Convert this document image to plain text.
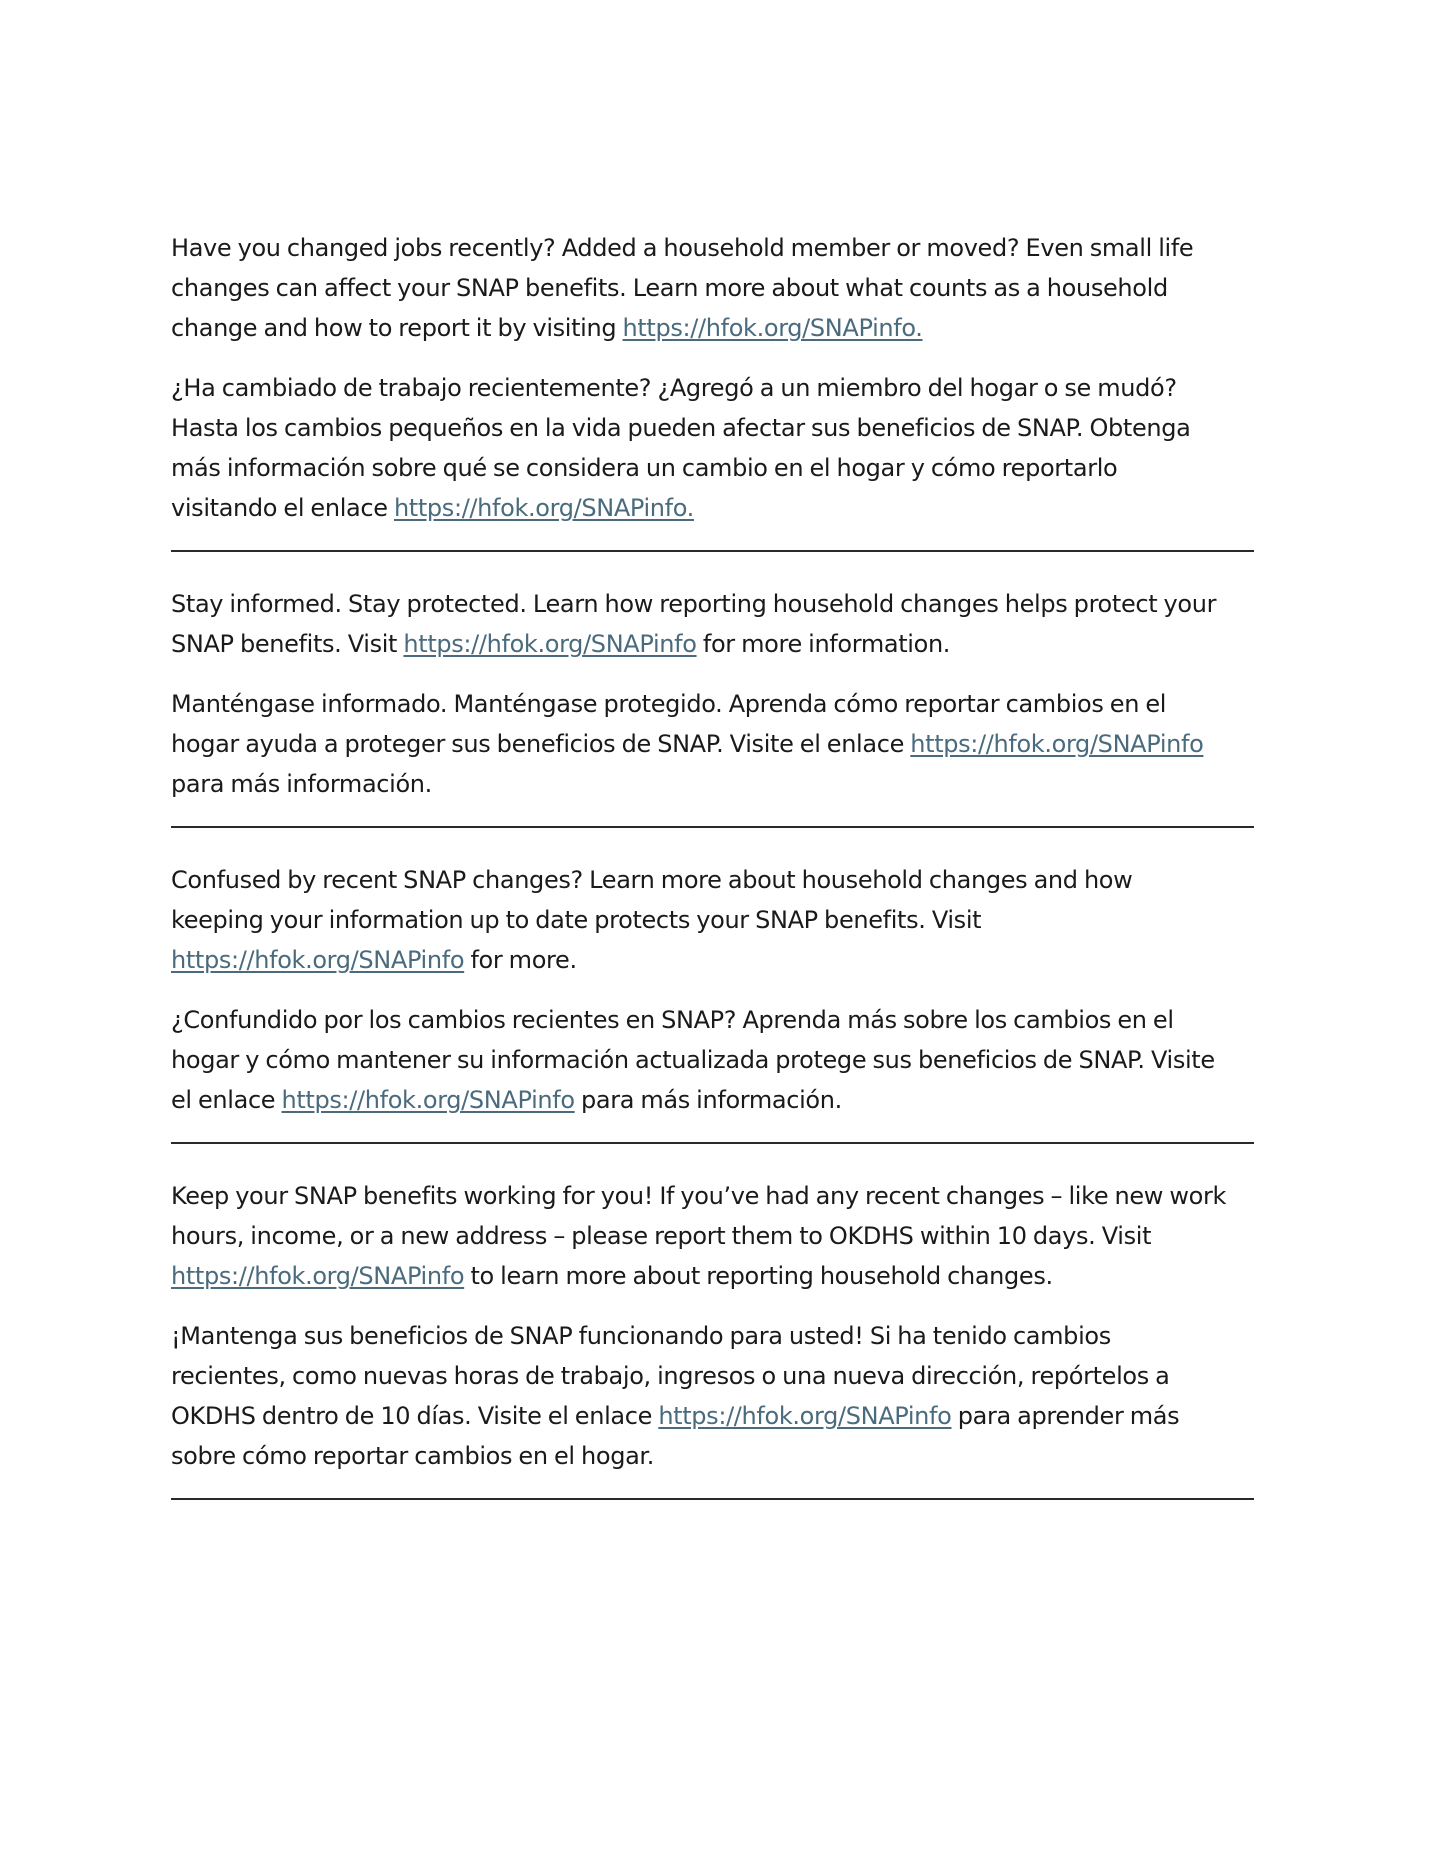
Have you changed jobs recently? Added a household member or moved? Even small life
changes can affect your SNAP benefits. Learn more about what counts as a household
change and how to report it by visiting https://hfok.org/SNAPinfo.

¿Ha cambiado de trabajo recientemente? ¿Agregó a un miembro del hogar o se mudó?
Hasta los cambios pequeños en la vida pueden afectar sus beneficios de SNAP. Obtenga
más información sobre qué se considera un cambio en el hogar y cómo reportarlo
visitando el enlace https://hfok.org/SNAPinfo.

Stay informed. Stay protected. Learn how reporting household changes helps protect your
SNAP benefits. Visit https://hfok.org/SNAPinfo for more information.

Manténgase informado. Manténgase protegido. Aprenda cómo reportar cambios en el
hogar ayuda a proteger sus beneficios de SNAP. Visite el enlace https://hfok.org/SNAPinfo
para más información.

Confused by recent SNAP changes? Learn more about household changes and how
keeping your information up to date protects your SNAP benefits. Visit
https://hfok.org/SNAPinfo for more.

¿Confundido por los cambios recientes en SNAP? Aprenda más sobre los cambios en el
hogar y cómo mantener su información actualizada protege sus beneficios de SNAP. Visite
el enlace https://hfok.org/SNAPinfo para más información.

Keep your SNAP benefits working for you! If you’ve had any recent changes – like new work
hours, income, or a new address – please report them to OKDHS within 10 days. Visit
https://hfok.org/SNAPinfo to learn more about reporting household changes.

¡Mantenga sus beneficios de SNAP funcionando para usted! Si ha tenido cambios
recientes, como nuevas horas de trabajo, ingresos o una nueva dirección, repórtelos a
OKDHS dentro de 10 días. Visite el enlace https://hfok.org/SNAPinfo para aprender más
sobre cómo reportar cambios en el hogar.
